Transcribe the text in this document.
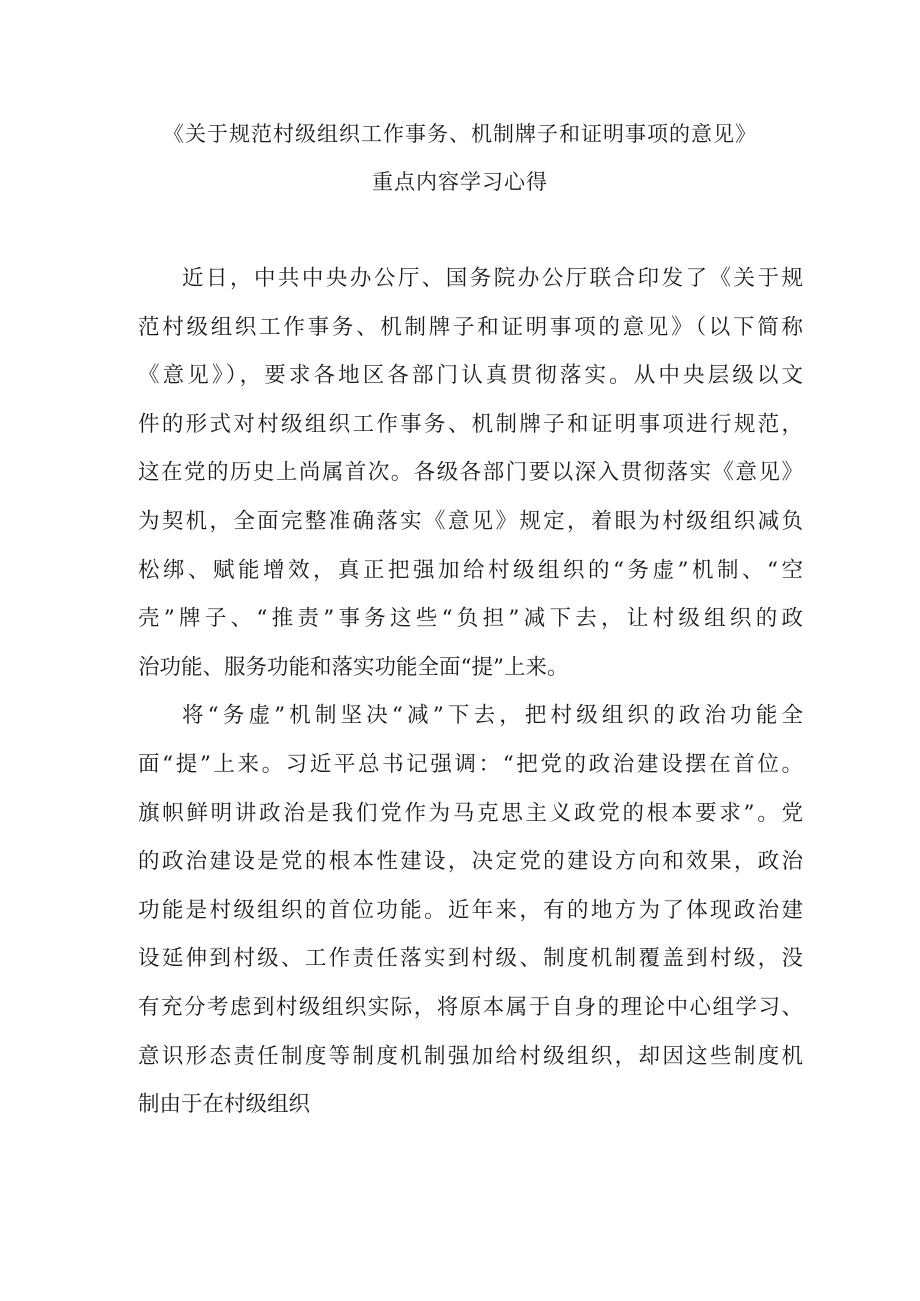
《关于规范村级组织工作事务、机制牌子和证明事项的意见》
重点内容学习心得
近日，中共中央办公厅、国务院办公厅联合印发了《关于规
范村级组织工作事务、机制牌子和证明事项的意见》（以下简称
《意见》），要求各地区各部门认真贯彻落实。从中央层级以文
件的形式对村级组织工作事务、机制牌子和证明事项进行规范，
这在党的历史上尚属首次。各级各部门要以深入贯彻落实《意见》
为契机，全面完整准确落实《意见》规定，着眼为村级组织减负
松绑、赋能增效，真正把强加给村级组织的“务虚”机制、“空
壳”牌子、“推责”事务这些“负担”减下去，让村级组织的政
治功能、服务功能和落实功能全面“提”上来。
将“务虚”机制坚决“减”下去，把村级组织的政治功能全
面“提”上来。习近平总书记强调：“把党的政治建设摆在首位。
旗帜鲜明讲政治是我们党作为马克思主义政党的根本要求”。党
的政治建设是党的根本性建设，决定党的建设方向和效果，政治
功能是村级组织的首位功能。近年来，有的地方为了体现政治建
设延伸到村级、工作责任落实到村级、制度机制覆盖到村级，没
有充分考虑到村级组织实际，将原本属于自身的理论中心组学习、
意识形态责任制度等制度机制强加给村级组织，却因这些制度机
制由于在村级组织
